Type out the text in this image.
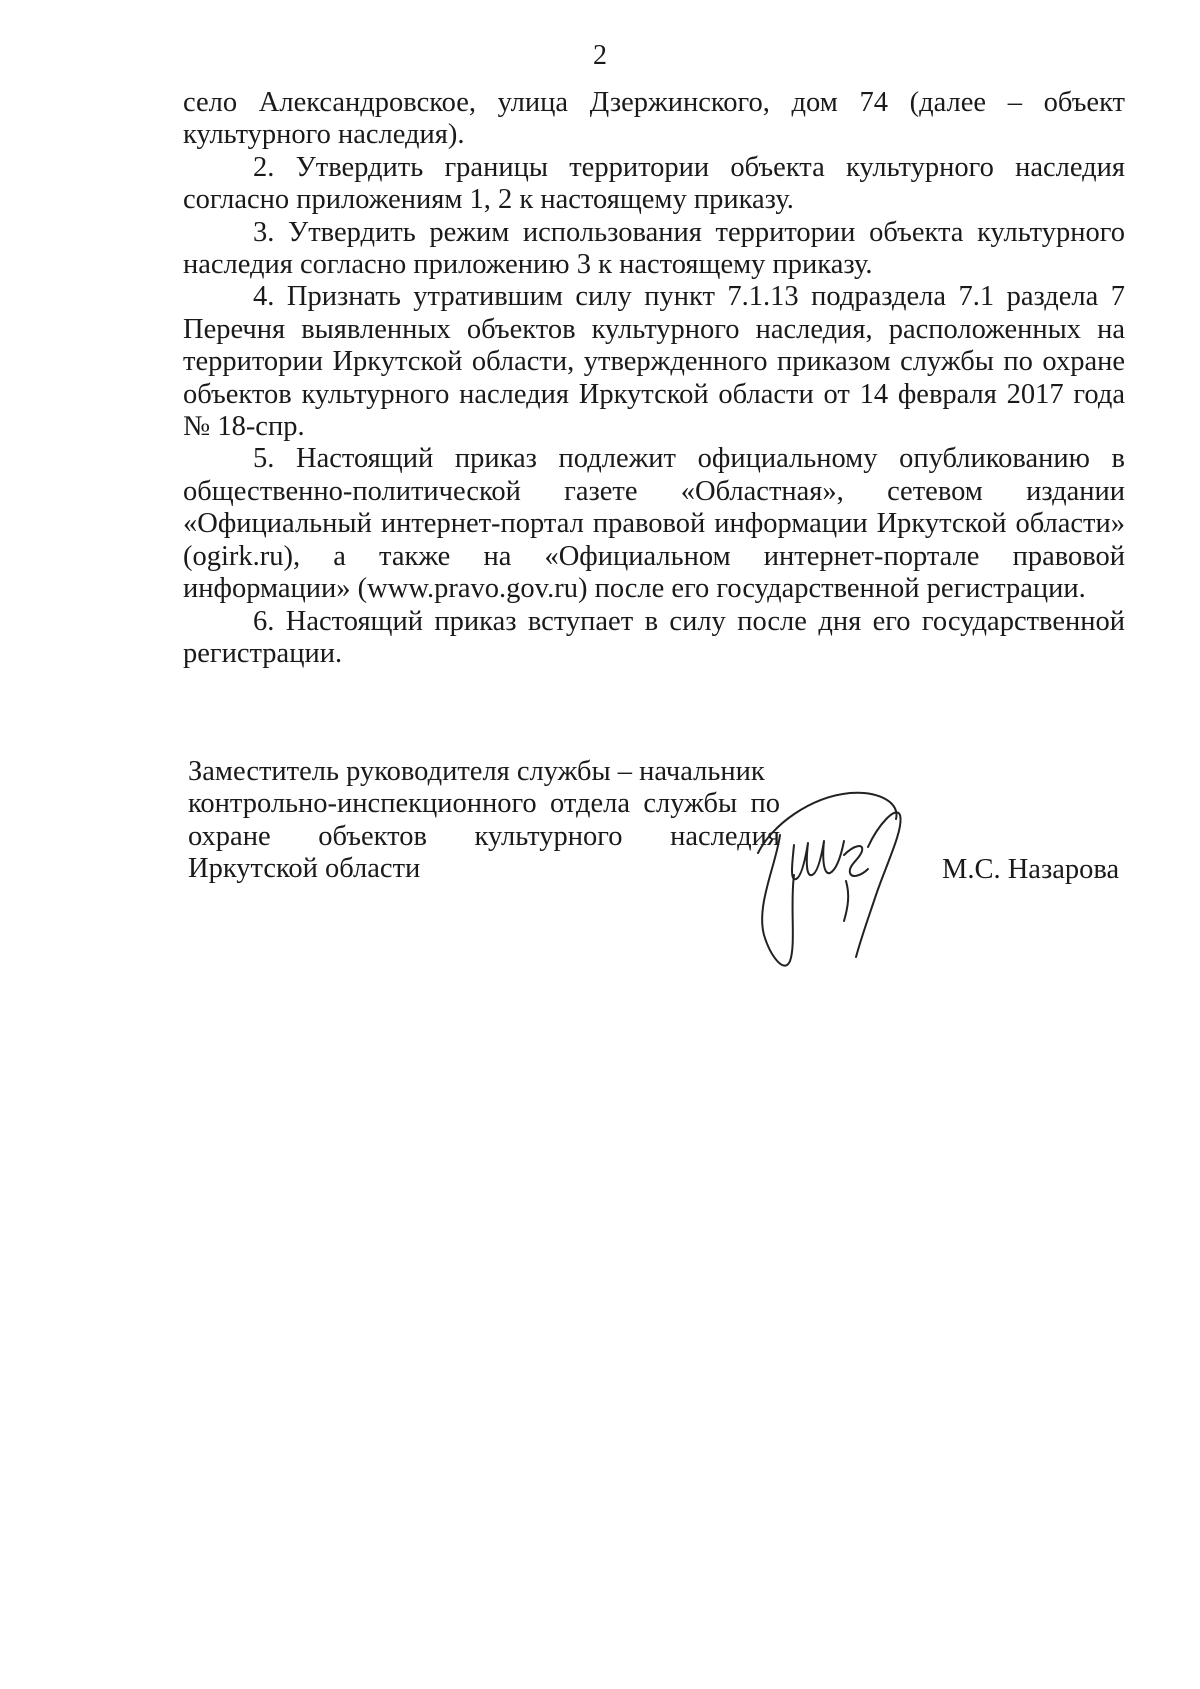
2

село Александровское, улица Дзержинского, дом 74 (далее – объект культурного наследия).

2. Утвердить границы территории объекта культурного наследия согласно приложениям 1, 2 к настоящему приказу.

3. Утвердить режим использования территории объекта культурного наследия согласно приложению 3 к настоящему приказу.

4. Признать утратившим силу пункт 7.1.13 подраздела 7.1 раздела 7 Перечня выявленных объектов культурного наследия, расположенных на территории Иркутской области, утвержденного приказом службы по охране объектов культурного наследия Иркутской области от 14 февраля 2017 года № 18-спр.

5. Настоящий приказ подлежит официальному опубликованию в общественно-политической газете «Областная», сетевом издании «Официальный интернет-портал правовой информации Иркутской области» (ogirk.ru), а также на «Официальном интернет-портале правовой информации» (www.pravo.gov.ru) после его государственной регистрации.

6. Настоящий приказ вступает в силу после дня его государственной регистрации.

Заместитель руководителя службы – начальник
контрольно-инспекционного отдела службы по
охране объектов культурного наследия
Иркутской области	М.С. Назарова
